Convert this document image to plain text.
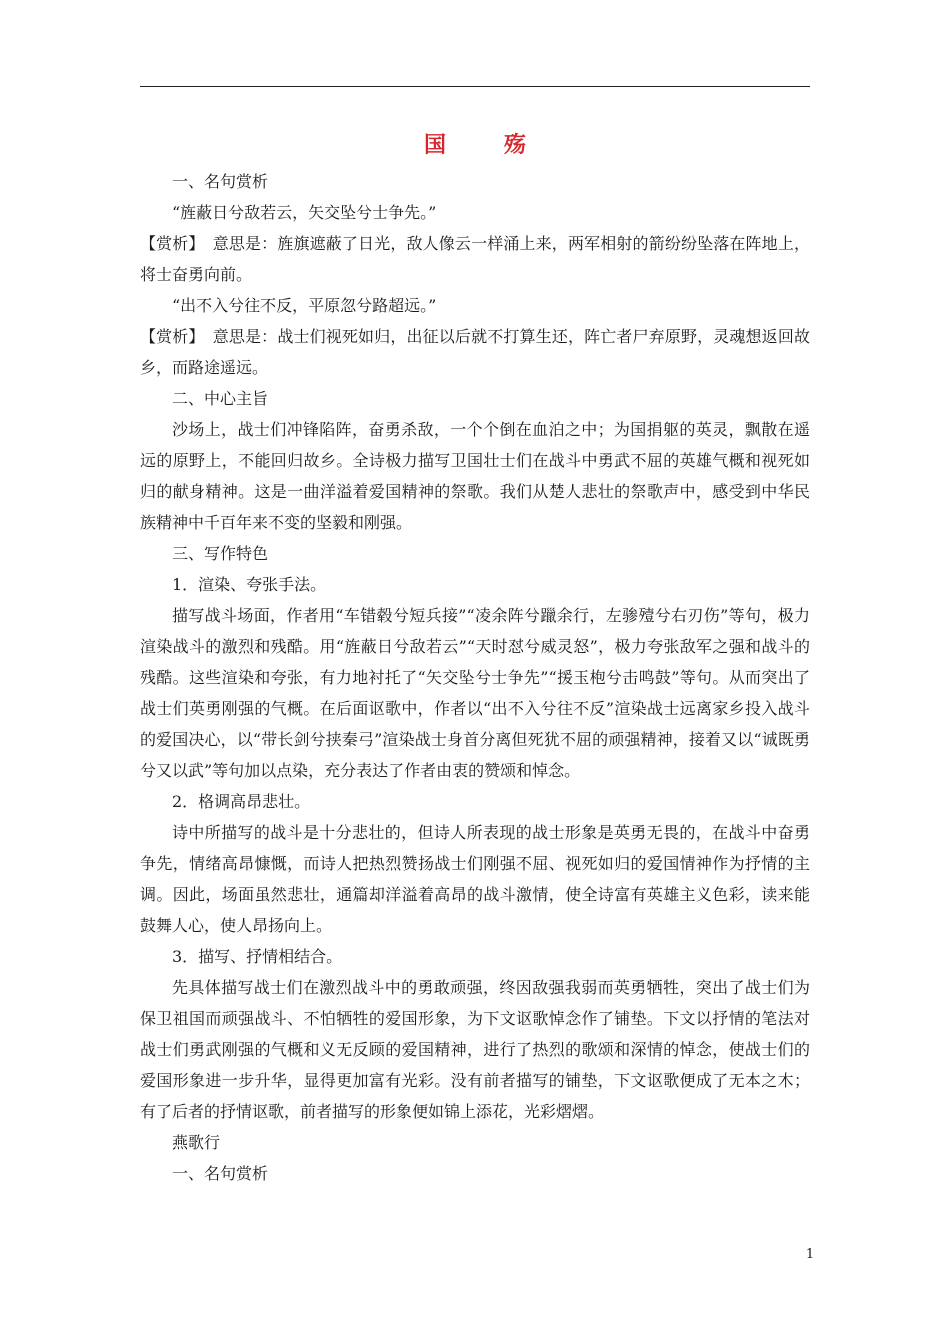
国　殇

一、名句赏析

“旌蔽日兮敌若云，矢交坠兮士争先。”

【赏析】　 意思是：旌旗遮蔽了日光，敌人像云一样涌上来，两军相射的箭纷纷坠落在阵地上，将士奋勇向前。

“出不入兮往不反，平原忽兮路超远。”

【赏析】　 意思是：战士们视死如归，出征以后就不打算生还，阵亡者尸弃原野，灵魂想返回故乡，而路途遥远。

二、中心主旨

沙场上，战士们冲锋陷阵，奋勇杀敌，一个个倒在血泊之中；为国捐躯的英灵，飘散在遥远的原野上，不能回归故乡。全诗极力描写卫国壮士们在战斗中勇武不屈的英雄气概和视死如归的献身精神。这是一曲洋溢着爱国精神的祭歌。我们从楚人悲壮的祭歌声中，感受到中华民族精神中千百年来不变的坚毅和刚强。

三、写作特色

1．渲染、夸张手法。

描写战斗场面，作者用“车错毂兮短兵接”“凌余阵兮躐余行，左骖殪兮右刃伤”等句，极力渲染战斗的激烈和残酷。用“旌蔽日兮敌若云”“天时怼兮威灵怒”，极力夸张敌军之强和战斗的残酷。这些渲染和夸张，有力地衬托了“矢交坠兮士争先”“援玉枹兮击鸣鼓”等句。从而突出了战士们英勇刚强的气概。在后面讴歌中，作者以“出不入兮往不反”渲染战士远离家乡投入战斗的爱国决心，以“带长剑兮挟秦弓”渲染战士身首分离但死犹不屈的顽强精神，接着又以“诚既勇兮又以武”等句加以点染，充分表达了作者由衷的赞颂和悼念。

2．格调高昂悲壮。

诗中所描写的战斗是十分悲壮的，但诗人所表现的战士形象是英勇无畏的，在战斗中奋勇争先，情绪高昂慷慨，而诗人把热烈赞扬战士们刚强不屈、视死如归的爱国情神作为抒情的主调。因此，场面虽然悲壮，通篇却洋溢着高昂的战斗激情，使全诗富有英雄主义色彩，读来能鼓舞人心，使人昂扬向上。

3．描写、抒情相结合。

先具体描写战士们在激烈战斗中的勇敢顽强，终因敌强我弱而英勇牺牲，突出了战士们为保卫祖国而顽强战斗、不怕牺牲的爱国形象，为下文讴歌悼念作了铺垫。下文以抒情的笔法对战士们勇武刚强的气概和义无反顾的爱国精神，进行了热烈的歌颂和深情的悼念，使战士们的爱国形象进一步升华，显得更加富有光彩。没有前者描写的铺垫，下文讴歌便成了无本之木；有了后者的抒情讴歌，前者描写的形象便如锦上添花，光彩熠熠。

燕歌行

一、名句赏析

1
